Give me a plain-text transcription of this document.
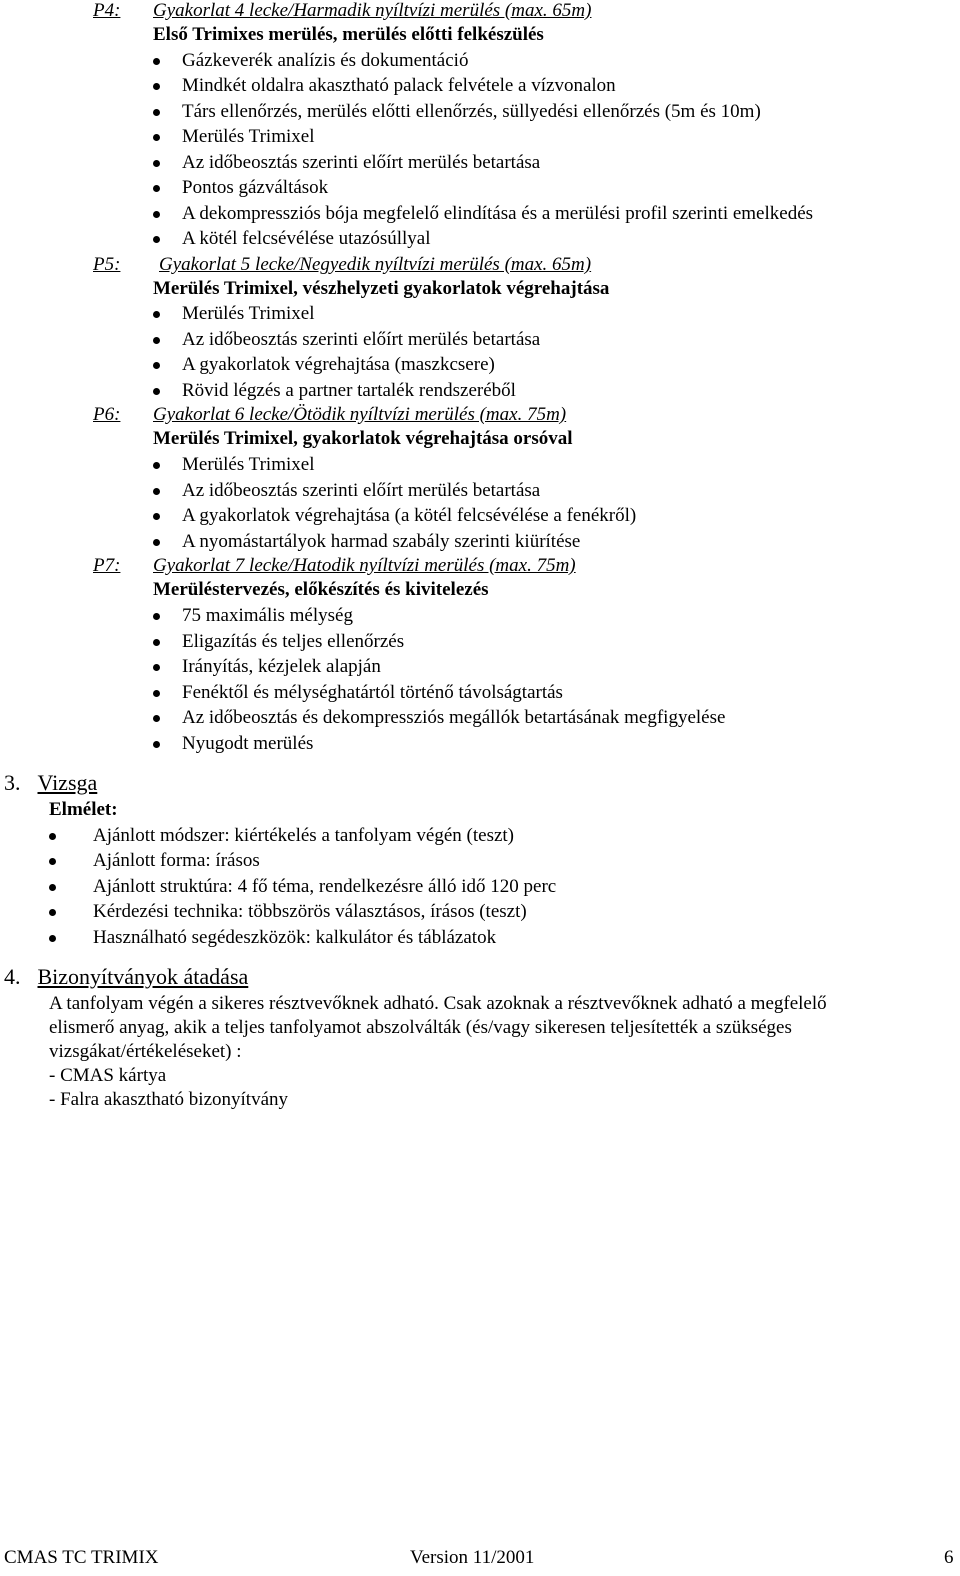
P4: Gyakorlat 4 lecke/Harmadik nyíltvízi merülés (max. 65m)
Első Trimixes merülés, merülés előtti felkészülés
Gázkeverék analízis és dokumentáció
Mindkét oldalra akasztható palack felvétele a vízvonalon
Társ ellenőrzés, merülés előtti ellenőrzés, süllyedési ellenőrzés (5m és 10m)
Merülés Trimixel
Az időbeosztás szerinti előírt merülés betartása
Pontos gázváltások
A dekompressziós bója megfelelő elindítása és a merülési profil szerinti emelkedés
A kötél felcsévélése utazósúllyal
P5: Gyakorlat 5 lecke/Negyedik nyíltvízi merülés (max. 65m)
Merülés Trimixel, vészhelyzeti gyakorlatok végrehajtása
Merülés Trimixel
Az időbeosztás szerinti előírt merülés betartása
A gyakorlatok végrehajtása (maszkcsere)
Rövid légzés a partner tartalék rendszeréből
P6: Gyakorlat 6 lecke/Ötödik nyíltvízi merülés (max. 75m)
Merülés Trimixel, gyakorlatok végrehajtása orsóval
Merülés Trimixel
Az időbeosztás szerinti előírt merülés betartása
A gyakorlatok végrehajtása (a kötél felcsévélése a fenékről)
A nyomástartályok harmad szabály szerinti kiürítése
P7: Gyakorlat 7 lecke/Hatodik nyíltvízi merülés (max. 75m)
Merüléstervezés, előkészítés és kivitelezés
75 maximális mélység
Eligazítás és teljes ellenőrzés
Irányítás, kézjelek alapján
Fenéktől és mélységhatártól történő távolságtartás
Az időbeosztás és dekompressziós megállók betartásának megfigyelése
Nyugodt merülés
3. Vizsga
Elmélet:
Ajánlott módszer: kiértékelés a tanfolyam végén (teszt)
Ajánlott forma: írásos
Ajánlott struktúra: 4 fő téma, rendelkezésre álló idő 120 perc
Kérdezési technika: többszörös választásos, írásos (teszt)
Használható segédeszközök: kalkulátor és táblázatok
4. Bizonyítványok átadása
A tanfolyam végén a sikeres résztvevőknek adható. Csak azoknak a résztvevőknek adható a megfelelő
elismerő anyag, akik a teljes tanfolyamot abszolválták (és/vagy sikeresen teljesítették a szükséges
vizsgákat/értékeléseket) :
- CMAS kártya
- Falra akasztható bizonyítvány
CMAS TC TRIMIX	Version 11/2001	6
